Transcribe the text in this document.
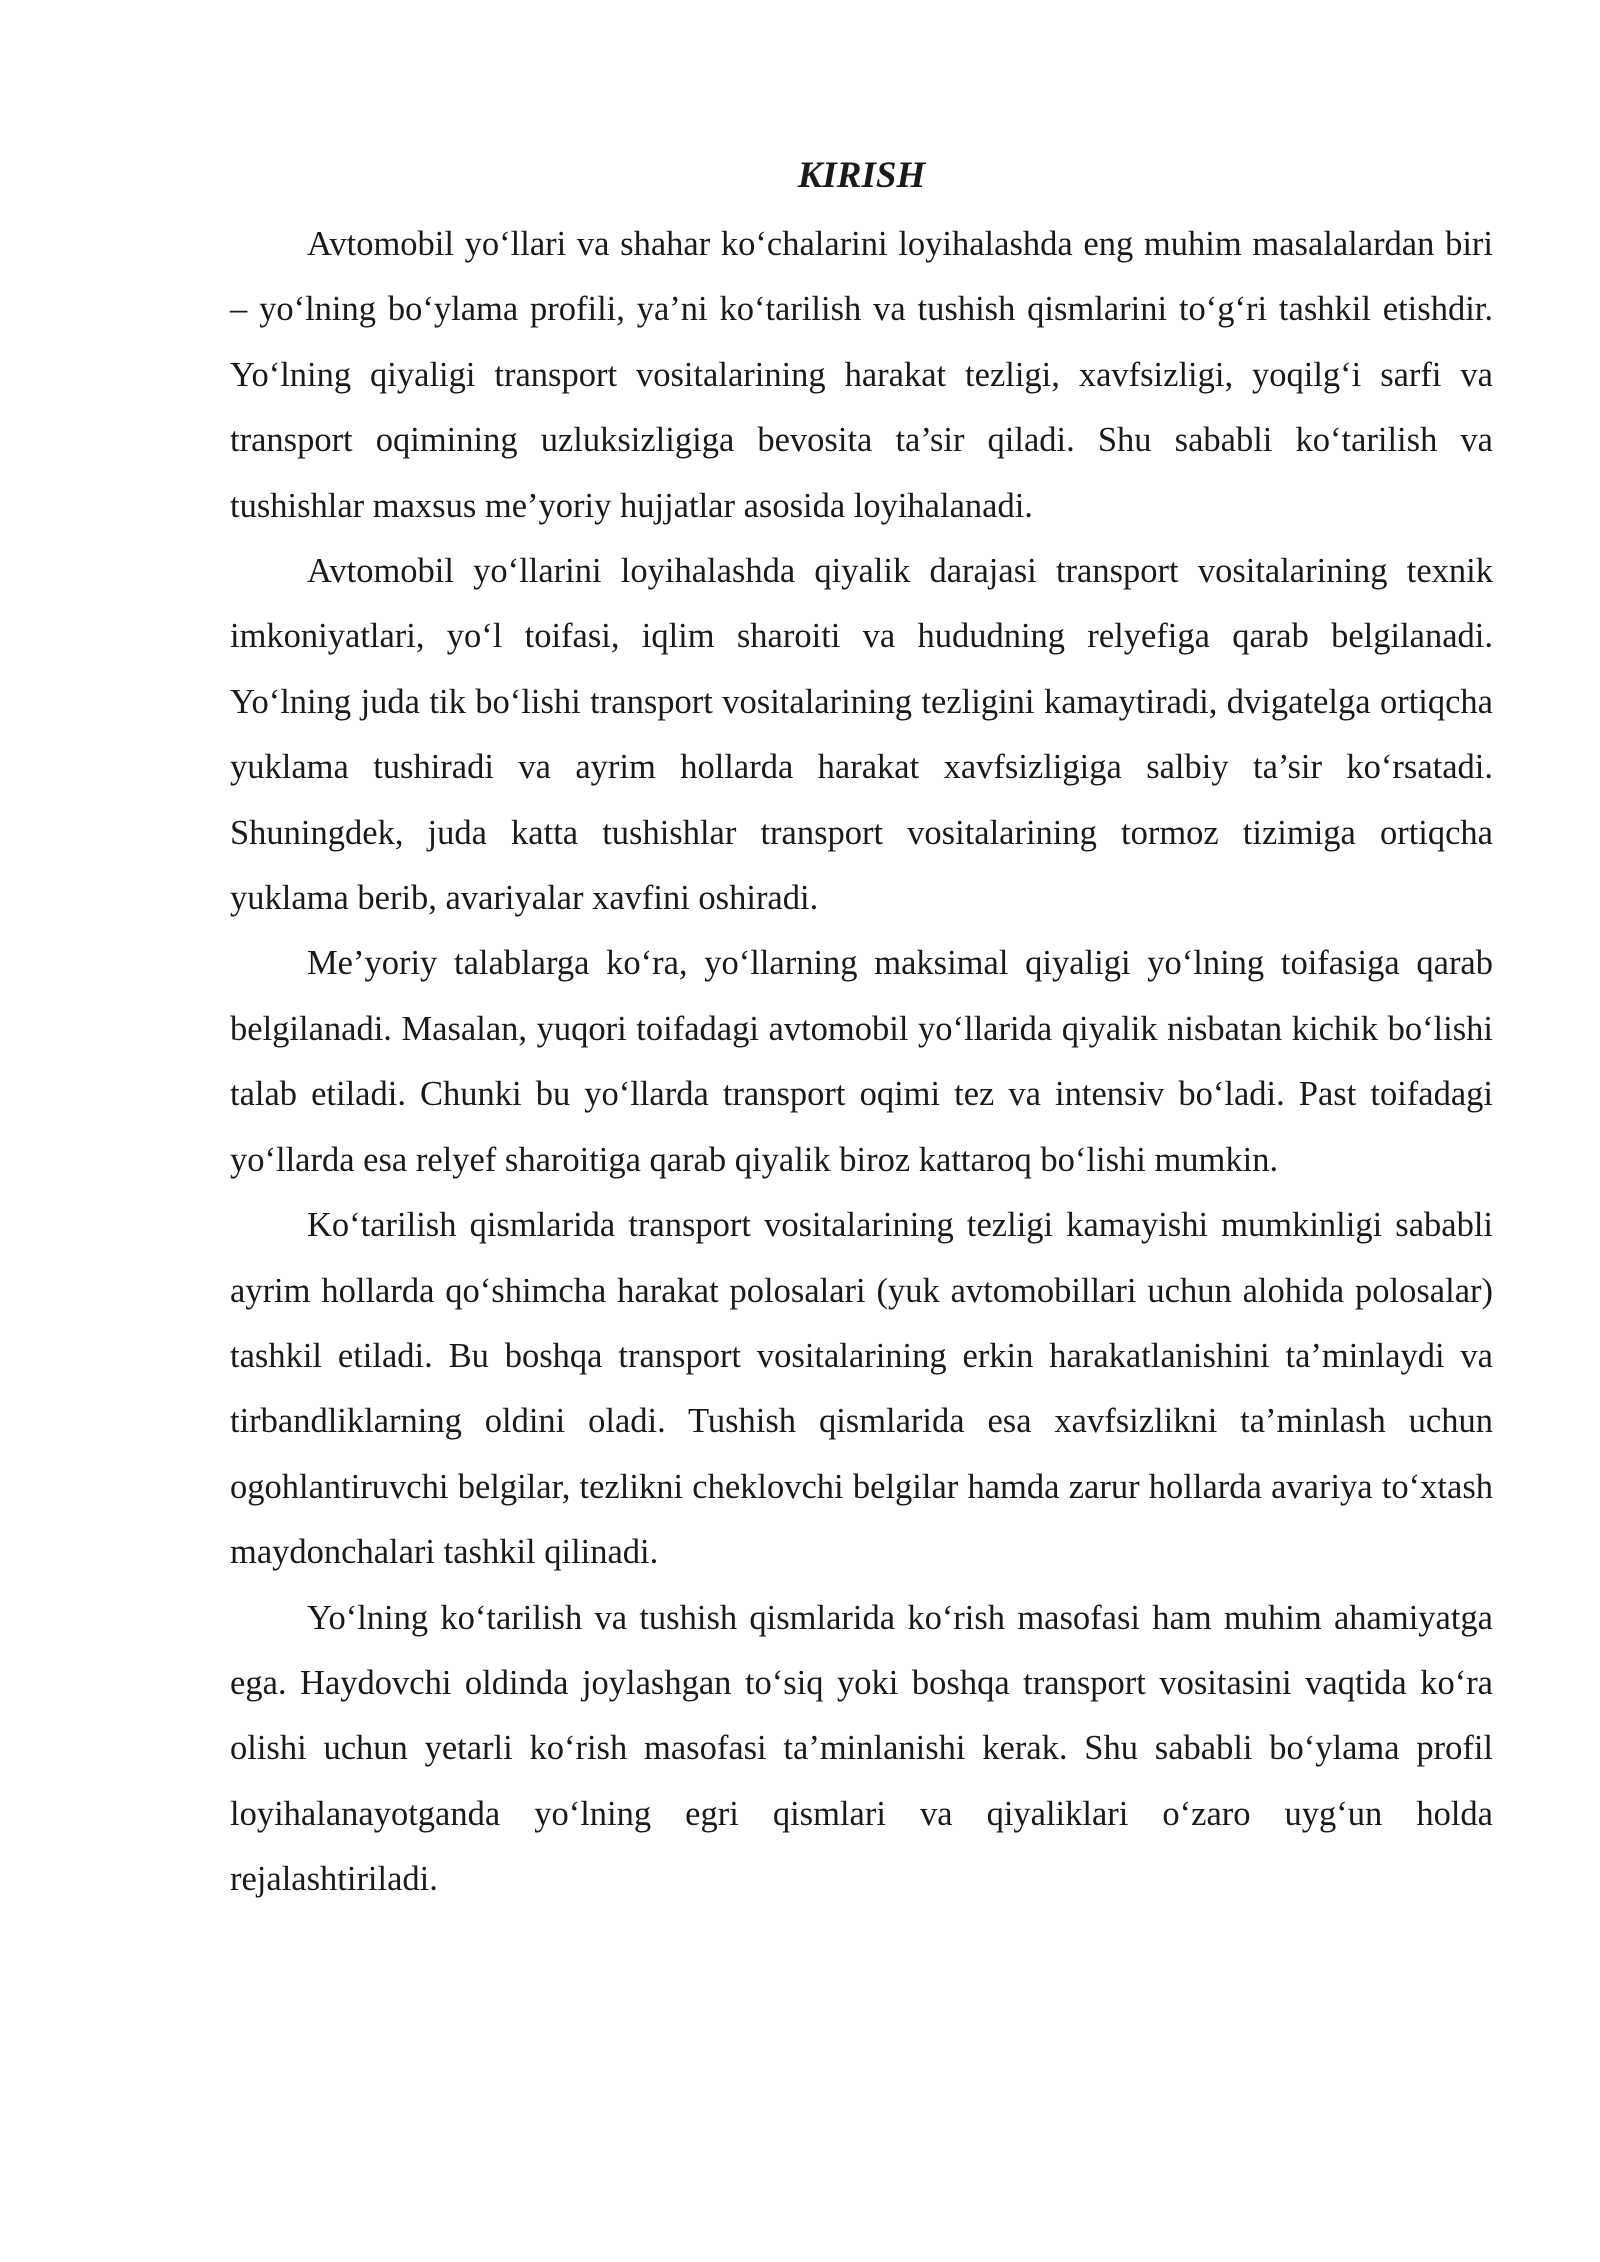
KIRISH

Avtomobil yo‘llari va shahar ko‘chalarini loyihalashda eng muhim masalalardan biri – yo‘lning bo‘ylama profili, ya’ni ko‘tarilish va tushish qismlarini to‘g‘ri tashkil etishdir. Yo‘lning qiyaligi transport vositalarining harakat tezligi, xavfsizligi, yoqilg‘i sarfi va transport oqimining uzluksizligiga bevosita ta’sir qiladi. Shu sababli ko‘tarilish va tushishlar maxsus me’yoriy hujjatlar asosida loyihalanadi.

Avtomobil yo‘llarini loyihalashda qiyalik darajasi transport vositalarining texnik imkoniyatlari, yo‘l toifasi, iqlim sharoiti va hududning relyefiga qarab belgilanadi. Yo‘lning juda tik bo‘lishi transport vositalarining tezligini kamaytiradi, dvigatelga ortiqcha yuklama tushiradi va ayrim hollarda harakat xavfsizligiga salbiy ta’sir ko‘rsatadi. Shuningdek, juda katta tushishlar transport vositalarining tormoz tizimiga ortiqcha yuklama berib, avariyalar xavfini oshiradi.

Me’yoriy talablarga ko‘ra, yo‘llarning maksimal qiyaligi yo‘lning toifasiga qarab belgilanadi. Masalan, yuqori toifadagi avtomobil yo‘llarida qiyalik nisbatan kichik bo‘lishi talab etiladi. Chunki bu yo‘llarda transport oqimi tez va intensiv bo‘ladi. Past toifadagi yo‘llarda esa relyef sharoitiga qarab qiyalik biroz kattaroq bo‘lishi mumkin.

Ko‘tarilish qismlarida transport vositalarining tezligi kamayishi mumkinligi sababli ayrim hollarda qo‘shimcha harakat polosalari (yuk avtomobillari uchun alohida polosalar) tashkil etiladi. Bu boshqa transport vositalarining erkin harakatlanishini ta’minlaydi va tirbandliklarning oldini oladi. Tushish qismlarida esa xavfsizlikni ta’minlash uchun ogohlantiruvchi belgilar, tezlikni cheklovchi belgilar hamda zarur hollarda avariya to‘xtash maydonchalari tashkil qilinadi.

Yo‘lning ko‘tarilish va tushish qismlarida ko‘rish masofasi ham muhim ahamiyatga ega. Haydovchi oldinda joylashgan to‘siq yoki boshqa transport vositasini vaqtida ko‘ra olishi uchun yetarli ko‘rish masofasi ta’minlanishi kerak. Shu sababli bo‘ylama profil loyihalanayotganda yo‘lning egri qismlari va qiyaliklari o‘zaro uyg‘un holda rejalashtiriladi.
